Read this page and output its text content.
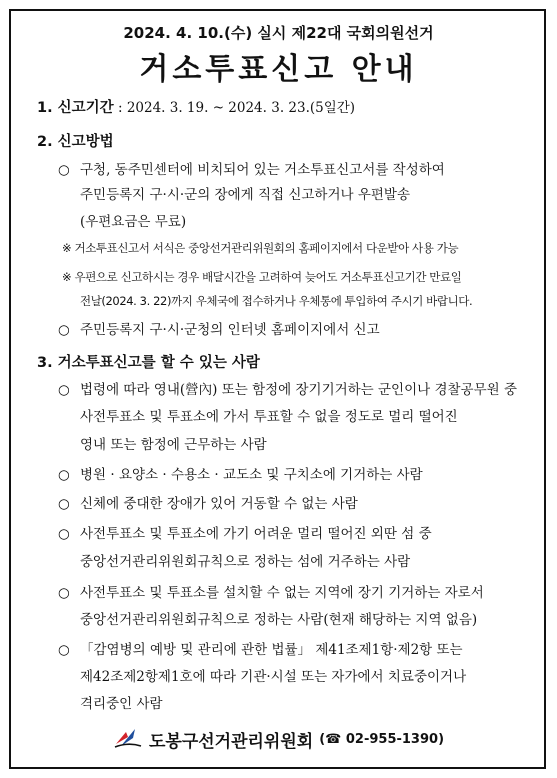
2024. 4. 10.(수) 실시 제22대 국회의원선거
거소투표신고 안내
1. 신고기간 : 2024. 3. 19. ~ 2024. 3. 23.(5일간)
2. 신고방법
○ 구청, 동주민센터에 비치되어 있는 거소투표신고서를 작성하여
주민등록지 구·시·군의 장에게 직접 신고하거나 우편발송
(우편요금은 무료)
※ 거소투표신고서 서식은 중앙선거관리위원회의 홈페이지에서 다운받아 사용 가능
※ 우편으로 신고하시는 경우 배달시간을 고려하여 늦어도 거소투표신고기간 만료일
전날(2024. 3. 22)까지 우체국에 접수하거나 우체통에 투입하여 주시기 바랍니다.
○ 주민등록지 구·시·군청의 인터넷 홈페이지에서 신고
3. 거소투표신고를 할 수 있는 사람
○ 법령에 따라 영내(營內) 또는 함정에 장기기거하는 군인이나 경찰공무원 중
사전투표소 및 투표소에 가서 투표할 수 없을 정도로 멀리 떨어진
영내 또는 함정에 근무하는 사람
○ 병원 · 요양소 · 수용소 · 교도소 및 구치소에 기거하는 사람
○ 신체에 중대한 장애가 있어 거동할 수 없는 사람
○ 사전투표소 및 투표소에 가기 어려운 멀리 떨어진 외딴 섬 중
중앙선거관리위원회규칙으로 정하는 섬에 거주하는 사람
○ 사전투표소 및 투표소를 설치할 수 없는 지역에 장기 기거하는 자로서
중앙선거관리위원회규칙으로 정하는 사람(현재 해당하는 지역 없음)
○ 「감염병의 예방 및 관리에 관한 법률」 제41조제1항·제2항 또는
제42조제2항제1호에 따라 기관·시설 또는 자가에서 치료중이거나
격리중인 사람
도봉구선거관리위원회 (☎ 02-955-1390)
